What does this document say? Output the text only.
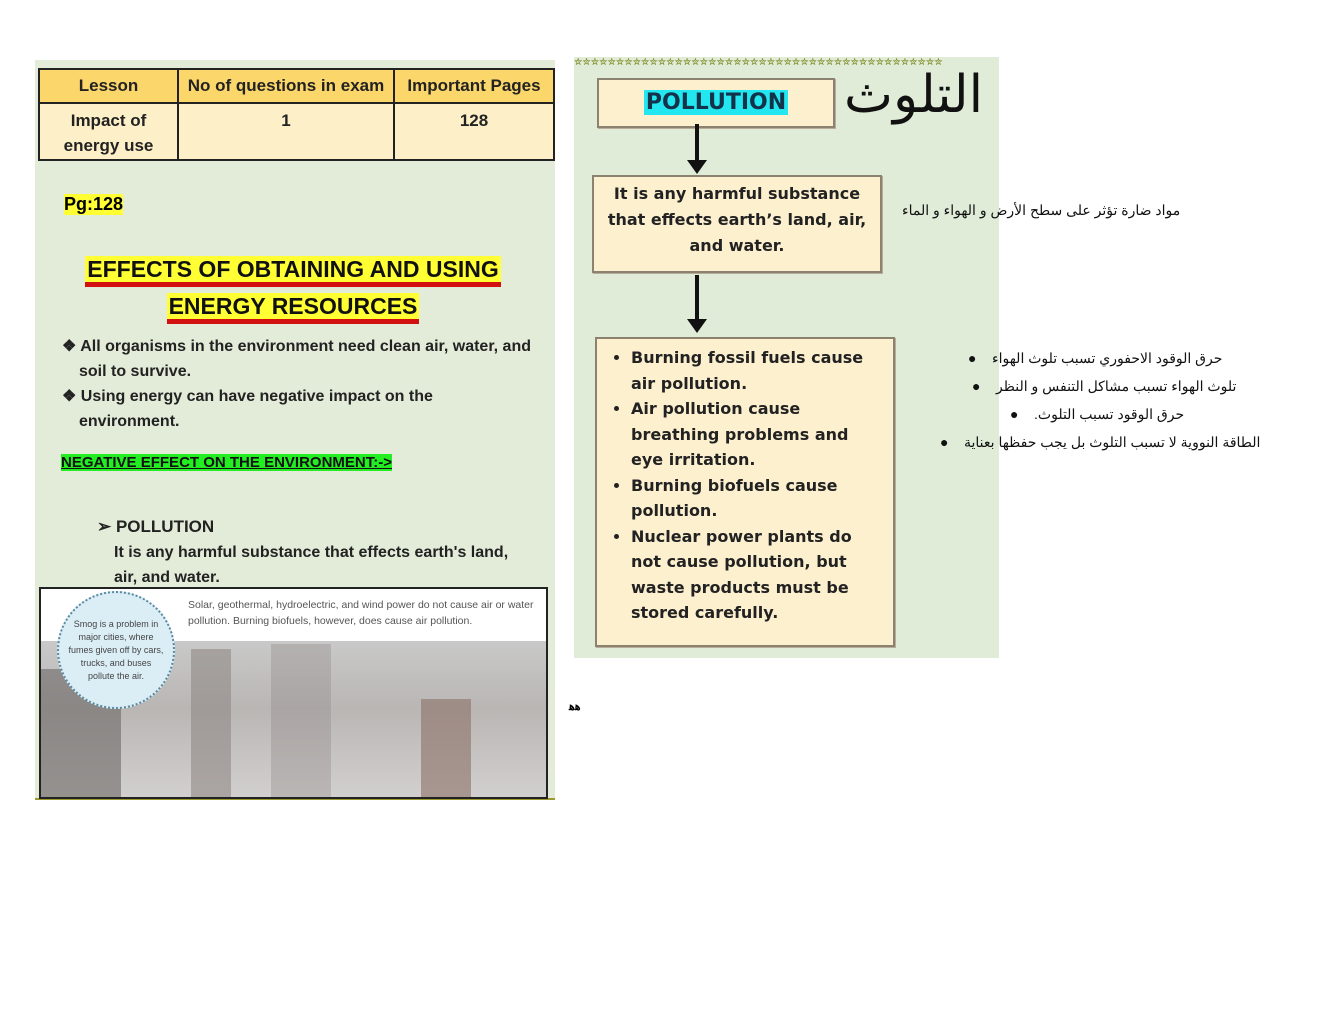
Lesson	No of questions in exam	Important Pages
Impact of energy use	1	128
Pg:128
EFFECTS OF OBTAINING AND USING
ENERGY RESOURCES
❖ All organisms in the environment need clean air, water, and soil to survive.
❖ Using energy can have negative impact on the environment.
NEGATIVE EFFECT ON THE ENVIRONMENT:->
➢ POLLUTION
It is any harmful substance that effects earth's land, air, and water.
Solar, geothermal, hydroelectric, and wind power do not cause air or water pollution. Burning biofuels, however, does cause air pollution.
Smog is a problem in major cities, where fumes given off by cars, trucks, and buses pollute the air.
✮✮✮✮✮✮✮✮✮✮✮✮✮✮✮✮✮✮✮✮✮✮✮✮✮✮✮✮✮✮✮✮✮✮✮✮✮✮✮✮✮✮✮✮
POLLUTION	التلوث
It is any harmful substance that effects earth’s land, air, and water.
• Burning fossil fuels cause air pollution.
• Air pollution cause breathing problems and eye irritation.
• Burning biofuels cause pollution.
• Nuclear power plants do not cause pollution, but waste products must be stored carefully.
مواد ضارة تؤثر على سطح الأرض و الهواء و الماء
حرق الوقود الاحفوري تسبب تلوث الهواء    ●
تلوث الهواء تسبب مشاكل التنفس و النظر    ●
حرق الوقود تسبب التلوث.    ●
الطاقة النووية لا تسبب التلوث بل يجب حفظها بعناية    ●
ﻫﻫ
